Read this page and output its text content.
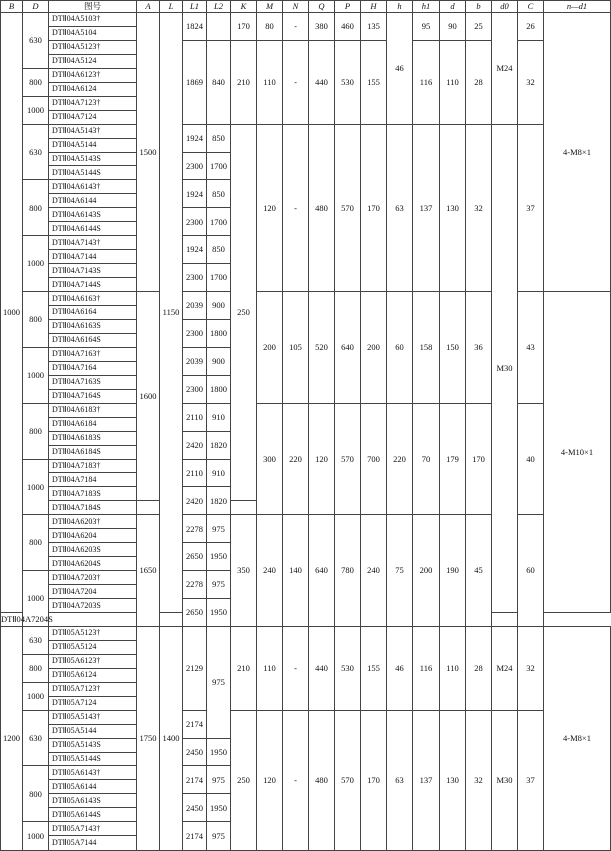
B	D	图号	A	L	L1	L2	K	M	N	Q	P	H	h	h1	d	b	d0	C	n—d1	
1000	630	DTⅡ04A5103†	1500	1150	1824		170	80	-	380	460	135	46	95	90	25	M24	26	4-M8×1	
		DTⅡ04A5104																		
		DTⅡ04A5123†			1869	840	210	110	-	440	530	155		116	110	28		32		
		DTⅡ04A5124																		
	800	DTⅡ04A6123†																		
		DTⅡ04A6124																		
	1000	DTⅡ04A7123†																		
		DTⅡ04A7124																		
	630	DTⅡ04A5143†			1924	850	250	120	-	480	570	170	63	137	130	32	M30	37		
		DTⅡ04A5144																		
		DTⅡ04A5143S			2300	1700														
		DTⅡ04A5144S																		
	800	DTⅡ04A6143†			1924	850														
		DTⅡ04A6144																		
		DTⅡ04A6143S			2300	1700														
		DTⅡ04A6144S																		
	1000	DTⅡ04A7143†			1924	850														
		DTⅡ04A7144																		
		DTⅡ04A7143S			2300	1700														
		DTⅡ04A7144S																		
	800	DTⅡ04A6163†	1600		2039	900		200	105	520	640	200	60	158	150	36		43	4-M10×1	
		DTⅡ04A6164																		
		DTⅡ04A6163S			2300	1800														
		DTⅡ04A6164S																		
	1000	DTⅡ04A7163†			2039	900														
		DTⅡ04A7164																		
		DTⅡ04A7163S			2300	1800														
		DTⅡ04A7164S																		
	800	DTⅡ04A6183†			2110	910		300	220	120	570	700	220	70	179	170		40	
		DTⅡ04A6184																		
		DTⅡ04A6183S			2420	1820														
		DTⅡ04A6184S																		
	1000	DTⅡ04A7183†			2110	910														
		DTⅡ04A7184																		
		DTⅡ04A7183S			2420	1820														
		DTⅡ04A7184S																		
	800	DTⅡ04A6203†	1650		2278	975	350	240	140	640	780	240	75	200	190	45		60		
		DTⅡ04A6204																		
		DTⅡ04A6203S			2650	1950														
		DTⅡ04A6204S																		
	1000	DTⅡ04A7203†			2278	975														
		DTⅡ04A7204																		
		DTⅡ04A7203S			2650	1950														
DTⅡ04A7204S																				
1200	630	DTⅡ05A5123†	1750	1400	2129	975	210	110	-	440	530	155	46	116	110	28	M24	32	4-M8×1	
		DTⅡ05A5124																		
	800	DTⅡ05A6123†																		
		DTⅡ05A6124																		
	1000	DTⅡ05A7123†																		
		DTⅡ05A7124																		
	630	DTⅡ05A5143†			2174		250	120	-	480	570	170	63	137	130	32	M30	37		
		DTⅡ05A5144																		
		DTⅡ05A5143S			2450	1950														
		DTⅡ05A5144S																		
	800	DTⅡ05A6143†			2174	975														
		DTⅡ05A6144																		
		DTⅡ05A6143S			2450	1950														
		DTⅡ05A6144S																		
	1000	DTⅡ05A7143†			2174	975														
		DTⅡ05A7144																		
